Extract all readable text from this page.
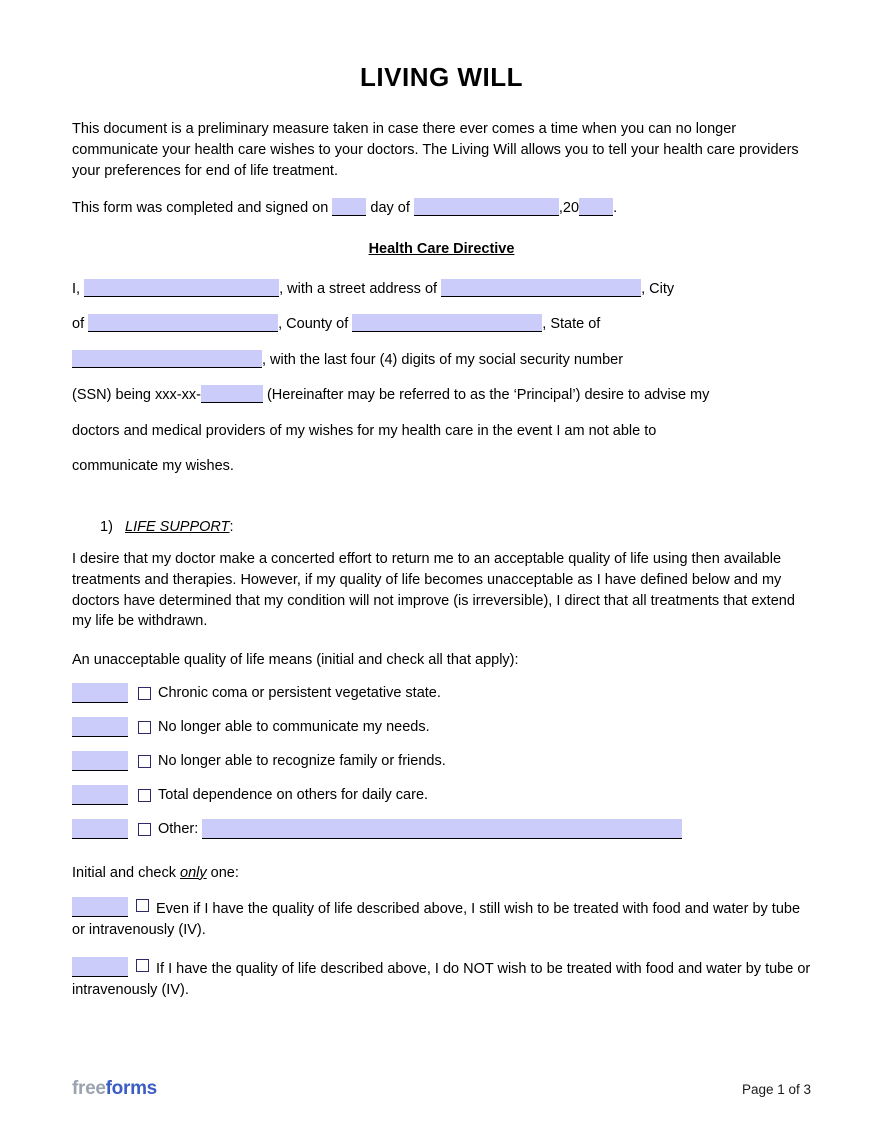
LIVING WILL

This document is a preliminary measure taken in case there ever comes a time when you can no longer communicate your health care wishes to your doctors. The Living Will allows you to tell your health care providers your preferences for end of life treatment.

This form was completed and signed on	day of	,20 .

Health Care Directive

I,	, with a street address of	, City
of	, County of	, State of
, with the last four (4) digits of my social security number
(SSN) being xxx-xx-	(Hereinafter may be referred to as the ‘Principal’) desire to advise my
doctors and medical providers of my wishes for my health care in the event I am not able to
communicate my wishes.

1) LIFE SUPPORT:

I desire that my doctor make a concerted effort to return me to an acceptable quality of life using then available treatments and therapies. However, if my quality of life becomes unacceptable as I have defined below and my doctors have determined that my condition will not improve (is irreversible), I direct that all treatments that extend my life be withdrawn.

An unacceptable quality of life means (initial and check all that apply):

Chronic coma or persistent vegetative state.
No longer able to communicate my needs.
No longer able to recognize family or friends.
Total dependence on others for daily care.
Other:

Initial and check only one:

Even if I have the quality of life described above, I still wish to be treated with food and water by tube or intravenously (IV).

If I have the quality of life described above, I do NOT wish to be treated with food and water by tube or intravenously (IV).

freeforms	Page 1 of 3
